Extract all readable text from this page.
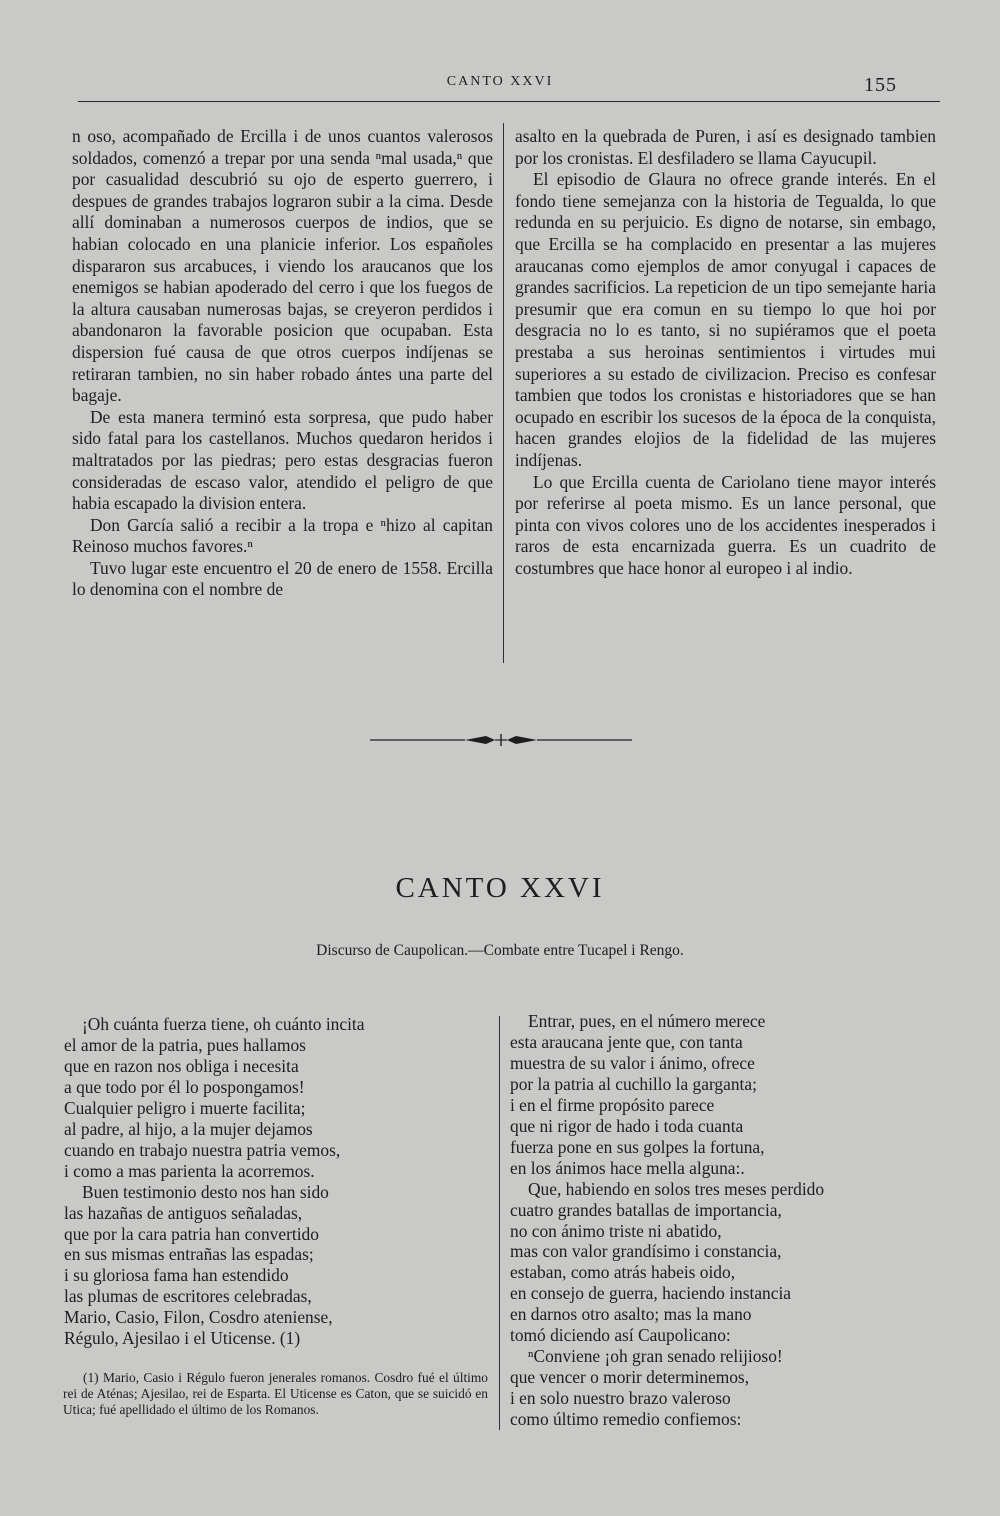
CANTO XXVI	155

n oso, acompañado de Ercilla i de unos cuantos valerosos soldados, comenzó a trepar por una senda ⁿmal usada,ⁿ que por casualidad descubrió su ojo de esperto guerrero, i despues de grandes trabajos lograron subir a la cima. Desde allí dominaban a numerosos cuerpos de indios, que se habian colocado en una planicie inferior. Los españoles dispararon sus arcabuces, i viendo los araucanos que los enemigos se habian apoderado del cerro i que los fuegos de la altura causaban numerosas bajas, se creyeron perdidos i abandonaron la favorable posicion que ocupaban. Esta dispersion fué causa de que otros cuerpos indíjenas se retiraran tambien, no sin haber robado ántes una parte del bagaje.

De esta manera terminó esta sorpresa, que pudo haber sido fatal para los castellanos. Muchos quedaron heridos i maltratados por las piedras; pero estas desgracias fueron consideradas de escaso valor, atendido el peligro de que habia escapado la division entera.

Don García salió a recibir a la tropa e ⁿhizo al capitan Reinoso muchos favores.ⁿ

Tuvo lugar este encuentro el 20 de enero de 1558. Ercilla lo denomina con el nombre de

asalto en la quebrada de Puren, i así es designado tambien por los cronistas. El desfiladero se llama Cayucupil.

El episodio de Glaura no ofrece grande interés. En el fondo tiene semejanza con la historia de Tegualda, lo que redunda en su perjuicio. Es digno de notarse, sin embago, que Ercilla se ha complacido en presentar a las mujeres araucanas como ejemplos de amor conyugal i capaces de grandes sacrificios. La repeticion de un tipo semejante haria presumir que era comun en su tiempo lo que hoi por desgracia no lo es tanto, si no supiéramos que el poeta prestaba a sus heroinas sentimientos i virtudes mui superiores a su estado de civilizacion. Preciso es confesar tambien que todos los cronistas e historiadores que se han ocupado en escribir los sucesos de la época de la conquista, hacen grandes elojios de la fidelidad de las mujeres indíjenas.

Lo que Ercilla cuenta de Cariolano tiene mayor interés por referirse al poeta mismo. Es un lance personal, que pinta con vivos colores uno de los accidentes inesperados i raros de esta encarnizada guerra. Es un cuadrito de costumbres que hace honor al europeo i al indio.

CANTO XXVI
Discurso de Caupolican.—Combate entre Tucapel i Rengo.
¡Oh cuánta fuerza tiene, oh cuánto incita
el amor de la patria, pues hallamos
que en razon nos obliga i necesita
a que todo por él lo pospongamos!
Cualquier peligro i muerte facilita;
al padre, al hijo, a la mujer dejamos
cuando en trabajo nuestra patria vemos,
i como a mas parienta la acorremos.
Buen testimonio desto nos han sido
las hazañas de antiguos señaladas,
que por la cara patria han convertido
en sus mismas entrañas las espadas;
i su gloriosa fama han estendido
las plumas de escritores celebradas,
Mario, Casio, Filon, Cosdro ateniense,
Régulo, Ajesilao i el Uticense. (1)
Entrar, pues, en el número merece
esta araucana jente que, con tanta
muestra de su valor i ánimo, ofrece
por la patria al cuchillo la garganta;
i en el firme propósito parece
que ni rigor de hado i toda cuanta
fuerza pone en sus golpes la fortuna,
en los ánimos hace mella alguna:.
Que, habiendo en solos tres meses perdido
cuatro grandes batallas de importancia,
no con ánimo triste ni abatido,
mas con valor grandísimo i constancia,
estaban, como atrás habeis oido,
en consejo de guerra, haciendo instancia
en darnos otro asalto; mas la mano
tomó diciendo así Caupolicano:
ⁿConviene ¡oh gran senado relijioso!
que vencer o morir determinemos,
i en solo nuestro brazo valeroso
como último remedio confiemos:

(1) Mario, Casio i Régulo fueron jenerales romanos. Cosdro fué el último rei de Aténas; Ajesilao, rei de Esparta. El Uticense es Caton, que se suicidó en Utica; fué apellidado el último de los Romanos.
